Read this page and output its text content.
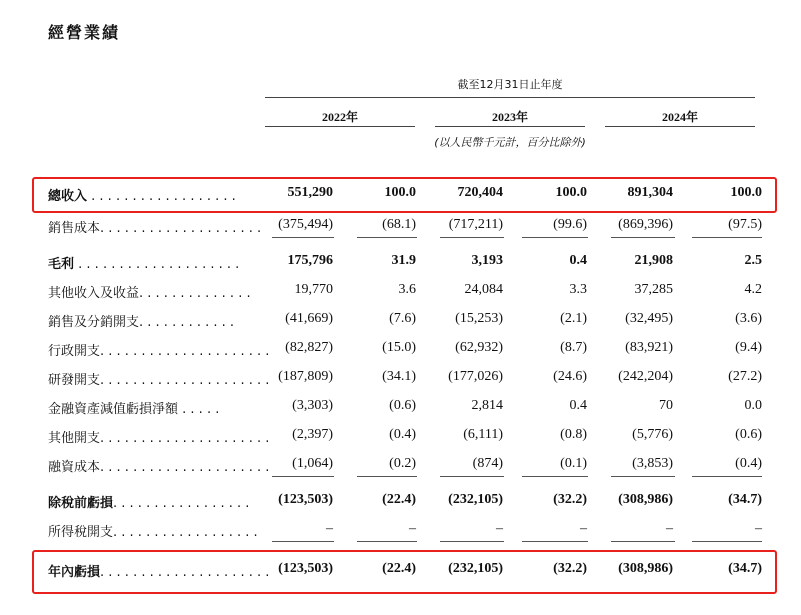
經營業績
截至12月31日止年度
2022年	2023年	2024年
(以人民幣千元計，百分比除外)
總收入 . . . . . . . . . . . . . . . . . .	551,290	100.0	720,404	100.0	891,304	100.0
銷售成本. . . . . . . . . . . . . . . . . . . .	(375,494)	(68.1)	(717,211)	(99.6)	(869,396)	(97.5)
毛利 . . . . . . . . . . . . . . . . . . . .	175,796	31.9	3,193	0.4	21,908	2.5
其他收入及收益. . . . . . . . . . . . . .	19,770	3.6	24,084	3.3	37,285	4.2
銷售及分銷開支. . . . . . . . . . . .	(41,669)	(7.6)	(15,253)	(2.1)	(32,495)	(3.6)
行政開支. . . . . . . . . . . . . . . . . . . . .	(82,827)	(15.0)	(62,932)	(8.7)	(83,921)	(9.4)
研發開支. . . . . . . . . . . . . . . . . . . . . (187,809)	(34.1)	(177,026)	(24.6)	(242,204)	(27.2)
金融資產減值虧損淨額 . . . . .	(3,303)	(0.6)	2,814	0.4	70	0.0
其他開支. . . . . . . . . . . . . . . . . . . . .	(2,397)	(0.4)	(6,111)	(0.8)	(5,776)	(0.6)
融資成本. . . . . . . . . . . . . . . . . . . . .	(1,064)	(0.2)	(874)	(0.1)	(3,853)	(0.4)
除稅前虧損. . . . . . . . . . . . . . . . .	(123,503)	(22.4)	(232,105)	(32.2)	(308,986)	(34.7)
所得稅開支. . . . . . . . . . . . . . . . . .	–	–	–	–	–	–
年內虧損. . . . . . . . . . . . . . . . . . . . . (123,503)	(22.4)	(232,105)	(32.2)	(308,986)	(34.7)
